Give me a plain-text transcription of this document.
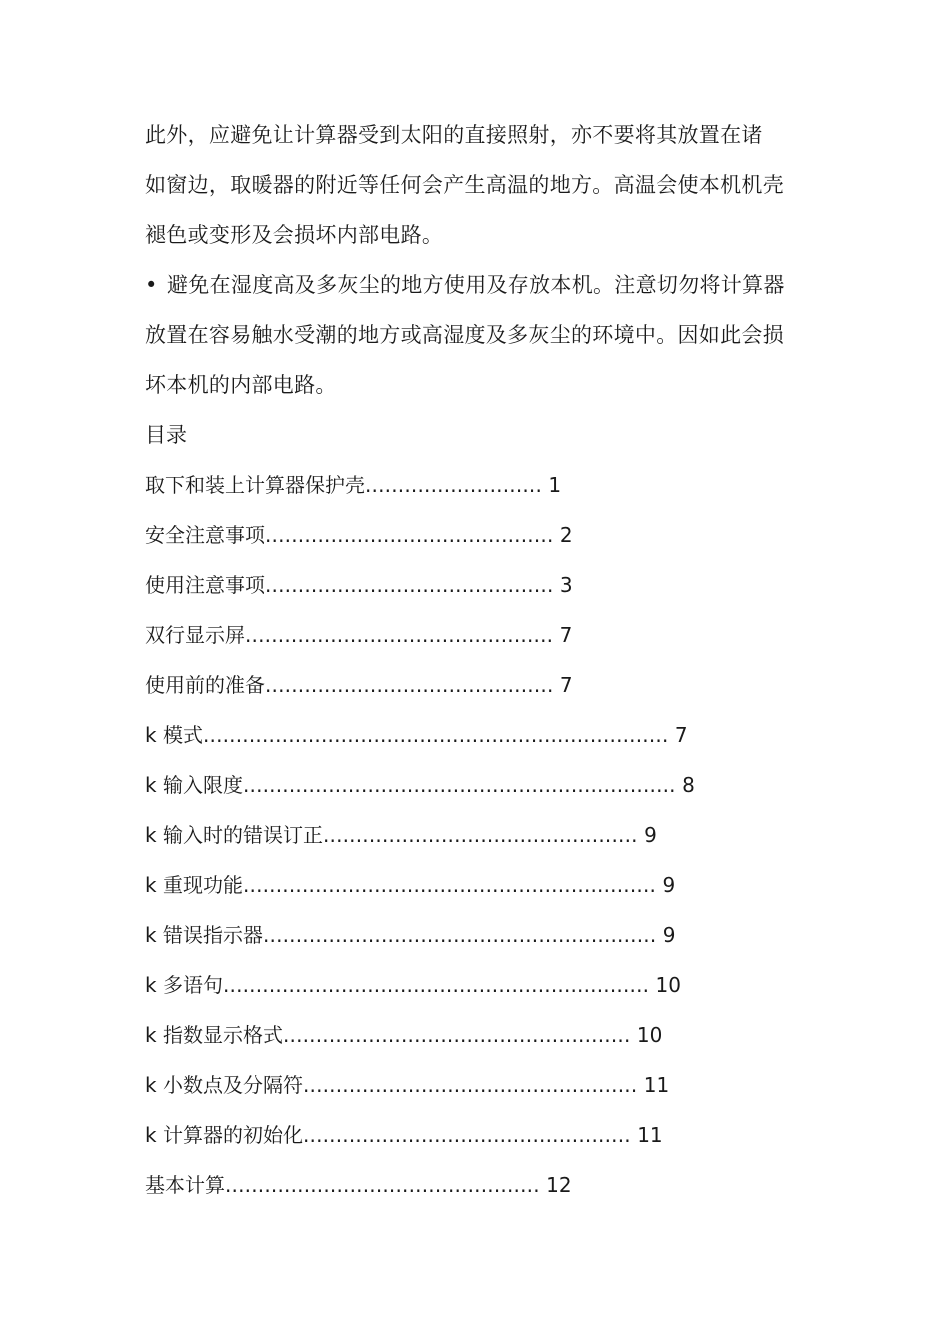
此外，应避免让计算器受到太阳的直接照射，亦不要将其放置在诸
如窗边，取暖器的附近等任何会产生高温的地方。高温会使本机机壳
褪色或变形及会损坏内部电路。
• 避免在湿度高及多灰尘的地方使用及存放本机。注意切勿将计算器
放置在容易触水受潮的地方或高湿度及多灰尘的环境中。因如此会损
坏本机的内部电路。
目录
取下和装上计算器保护壳........................... 1
安全注意事项............................................ 2
使用注意事项............................................ 3
双行显示屏............................................... 7
使用前的准备............................................ 7
k 模式....................................................................... 7
k 输入限度.................................................................. 8
k 输入时的错误订正................................................ 9
k 重现功能............................................................... 9
k 错误指示器............................................................ 9
k 多语句................................................................. 10
k 指数显示格式..................................................... 10
k 小数点及分隔符................................................... 11
k 计算器的初始化.................................................. 11
基本计算................................................ 12
